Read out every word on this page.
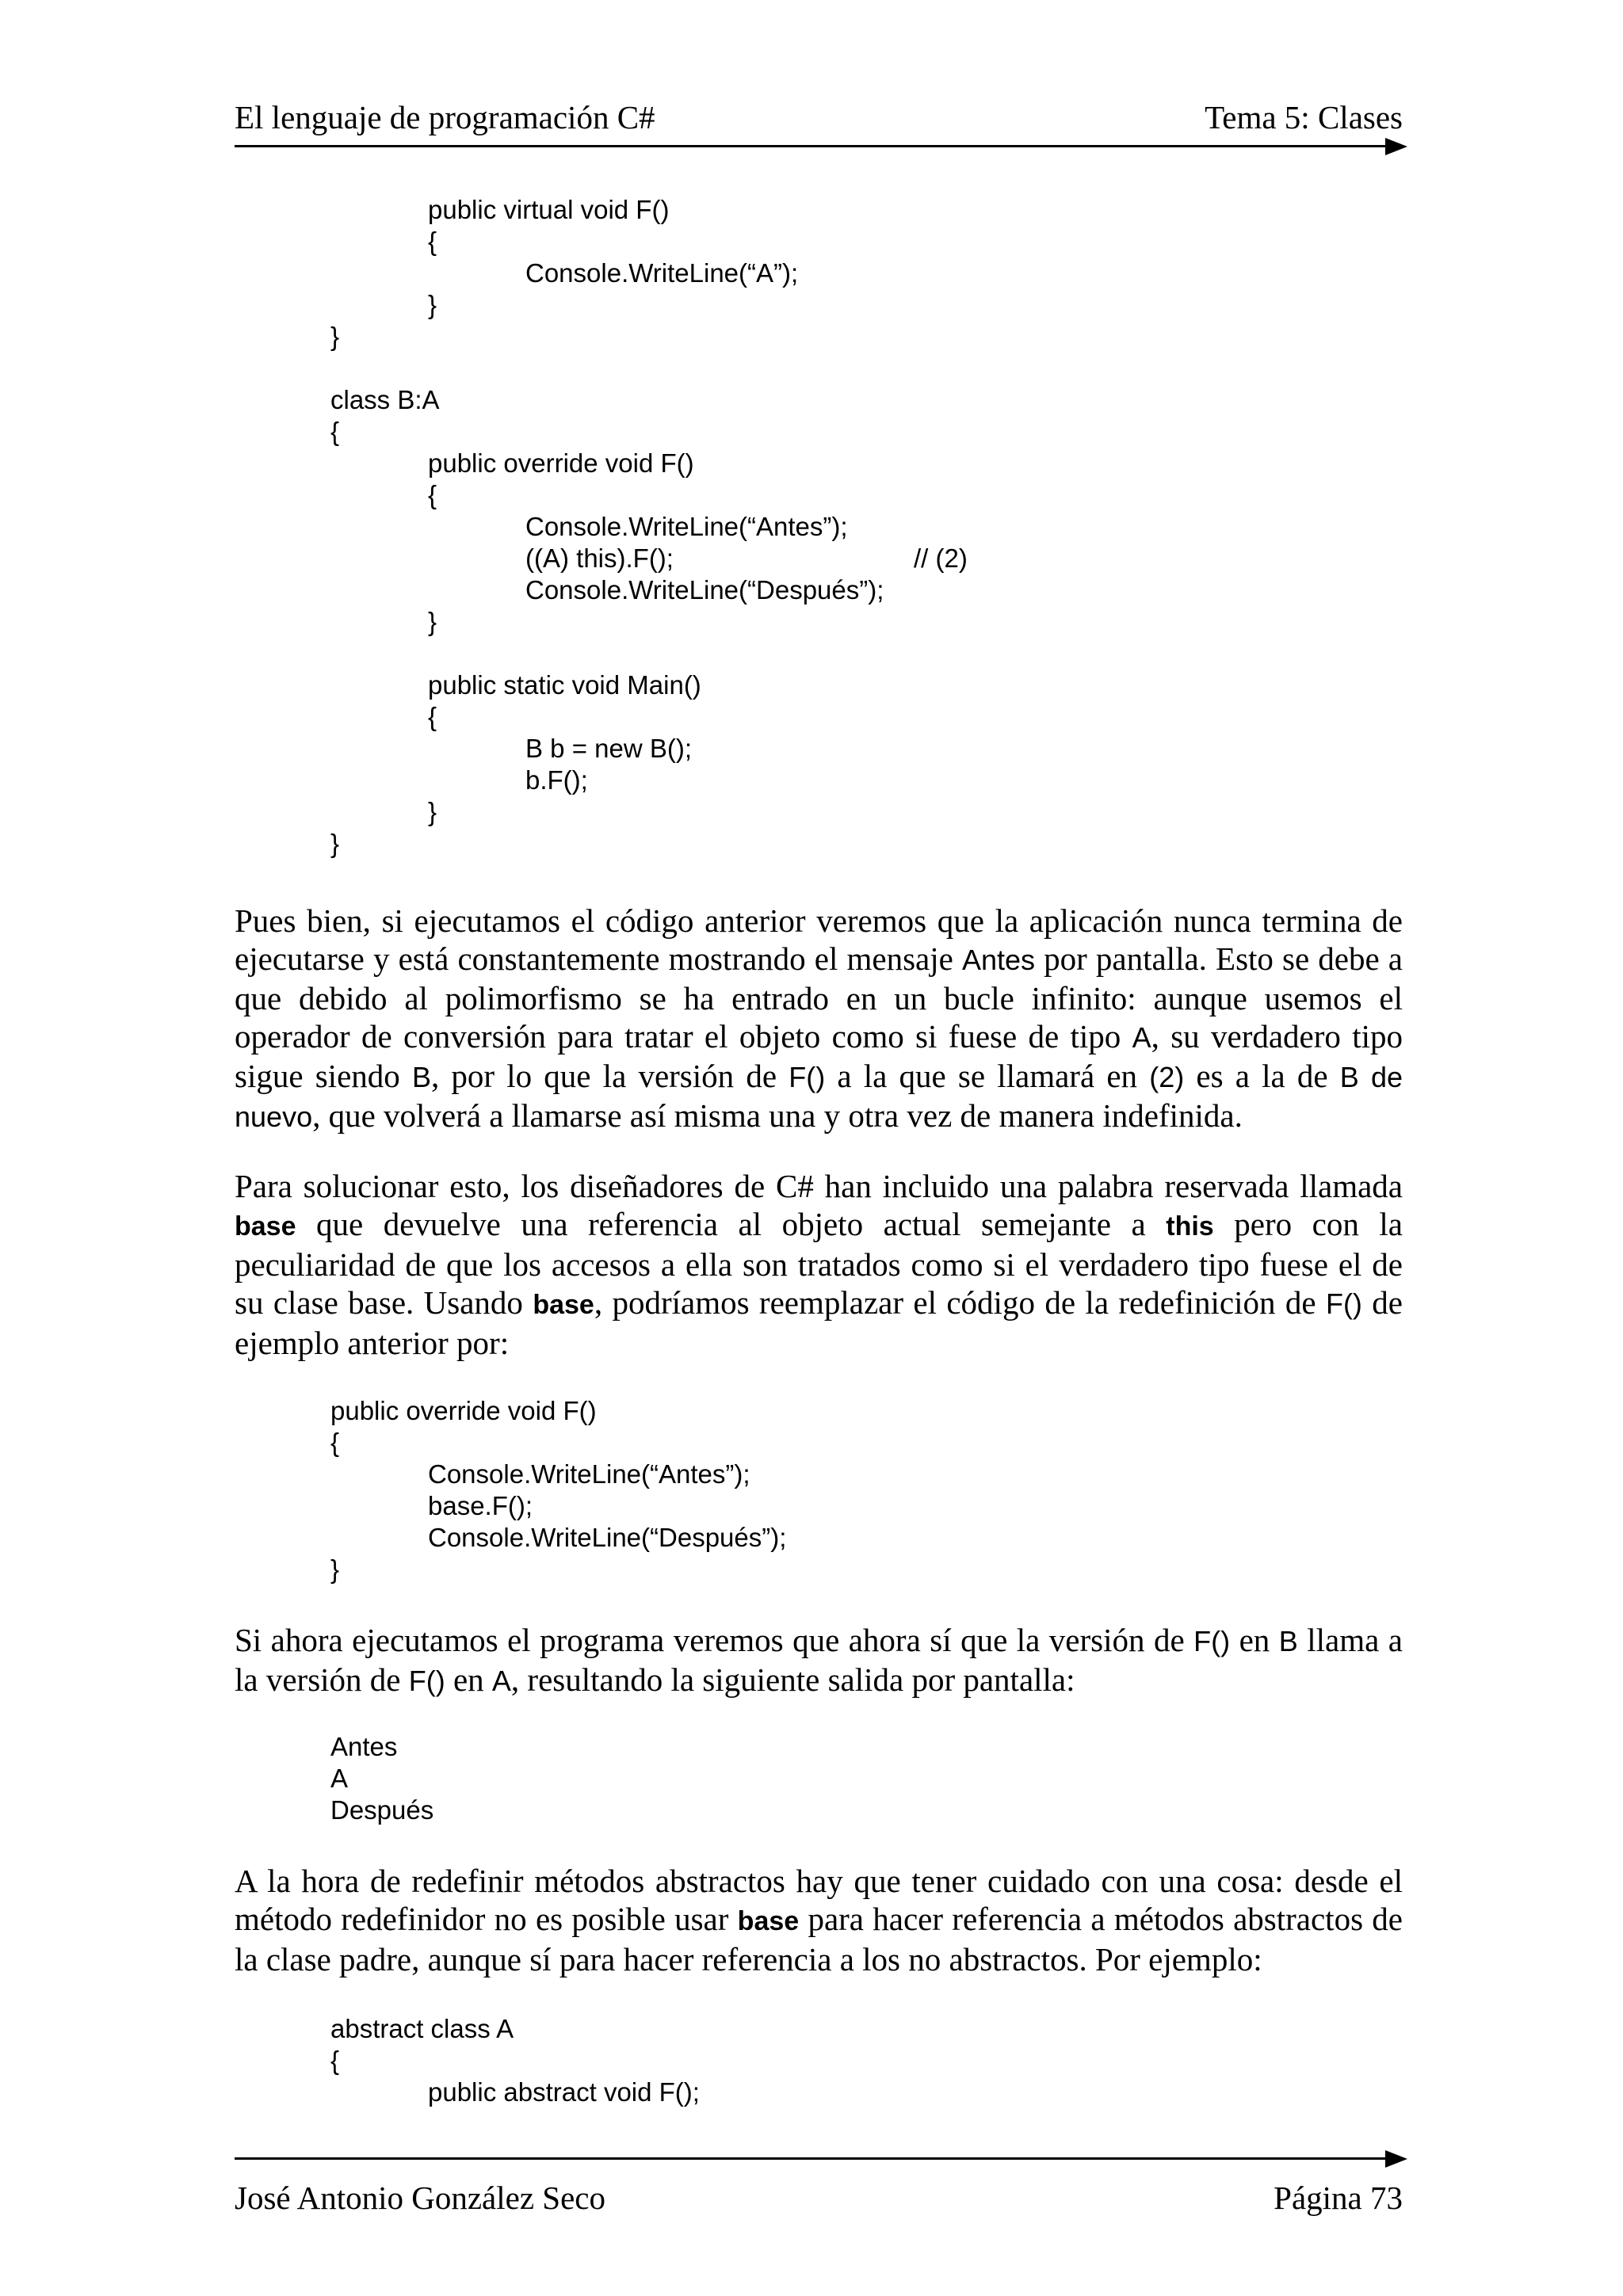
El lenguaje de programación C#	Tema 5: Clases

public virtual void F()

{

Console.WriteLine(“A”);

}

}

class B:A

{

public override void F()

{

Console.WriteLine(“Antes”);

((A) this).F();

	// (2)

Console.WriteLine(“Después”);

}

public static void Main()

{

B b = new B();

b.F();

}

}

Pues bien, si ejecutamos el código anterior veremos que la aplicación nunca termina de ejecutarse y está constantemente mostrando el mensaje Antes por pantalla. Esto se debe a que debido al polimorfismo se ha entrado en un bucle infinito: aunque usemos el operador de conversión para tratar el objeto como si fuese de tipo A, su verdadero tipo sigue siendo B, por lo que la versión de F() a la que se llamará en (2) es a la de B de nuevo, que volverá a llamarse así misma una y otra vez de manera indefinida.

Para solucionar esto, los diseñadores de C# han incluido una palabra reservada llamada base que devuelve una referencia al objeto actual semejante a this pero con la peculiaridad de que los accesos a ella son tratados como si el verdadero tipo fuese el de su clase base. Usando base, podríamos reemplazar el código de la redefinición de F() de ejemplo anterior por:

public override void F()

{

Console.WriteLine(“Antes”);

base.F();

Console.WriteLine(“Después”);

}

Si ahora ejecutamos el programa veremos que ahora sí que la versión de F() en B llama a la versión de F() en A, resultando la siguiente salida por pantalla:

Antes

A

Después

A la hora de redefinir métodos abstractos hay que tener cuidado con una cosa: desde el método redefinidor no es posible usar base para hacer referencia a métodos abstractos de la clase padre, aunque sí para hacer referencia a los no abstractos. Por ejemplo:

abstract class A

{

public abstract void F();

José Antonio González Seco	Página 73
